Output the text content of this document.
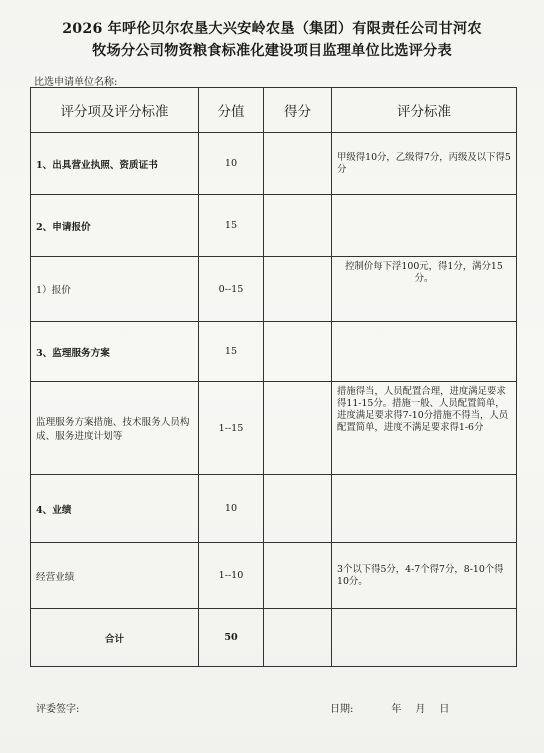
2026 年呼伦贝尔农垦大兴安岭农垦（集团）有限责任公司甘河农
牧场分公司物资粮食标准化建设项目监理单位比选评分表
比选申请单位名称:
评分项及评分标准	分值	得分	评分标准
1、出具营业执照、资质证书	10		甲级得10分，乙级得7分，丙级及以下得5分
2、申请报价	15		
1）报价	0--15		控制价每下浮100元，得1分，满分15分。
3、监理服务方案	15		
监理服务方案措施、技术服务人员构成、服务进度计划等	1--15		措施得当，人员配置合理，进度满足要求得11-15分。措施一般、人员配置简单，进度满足要求得7-10分措施不得当，人员配置简单，进度不满足要求得1-6分
4、业绩	10		
经营业绩	1--10		3个以下得5分，4-7个得7分，8-10个得10分。
合计	50		
评委签字:	日期:	年 月 日
